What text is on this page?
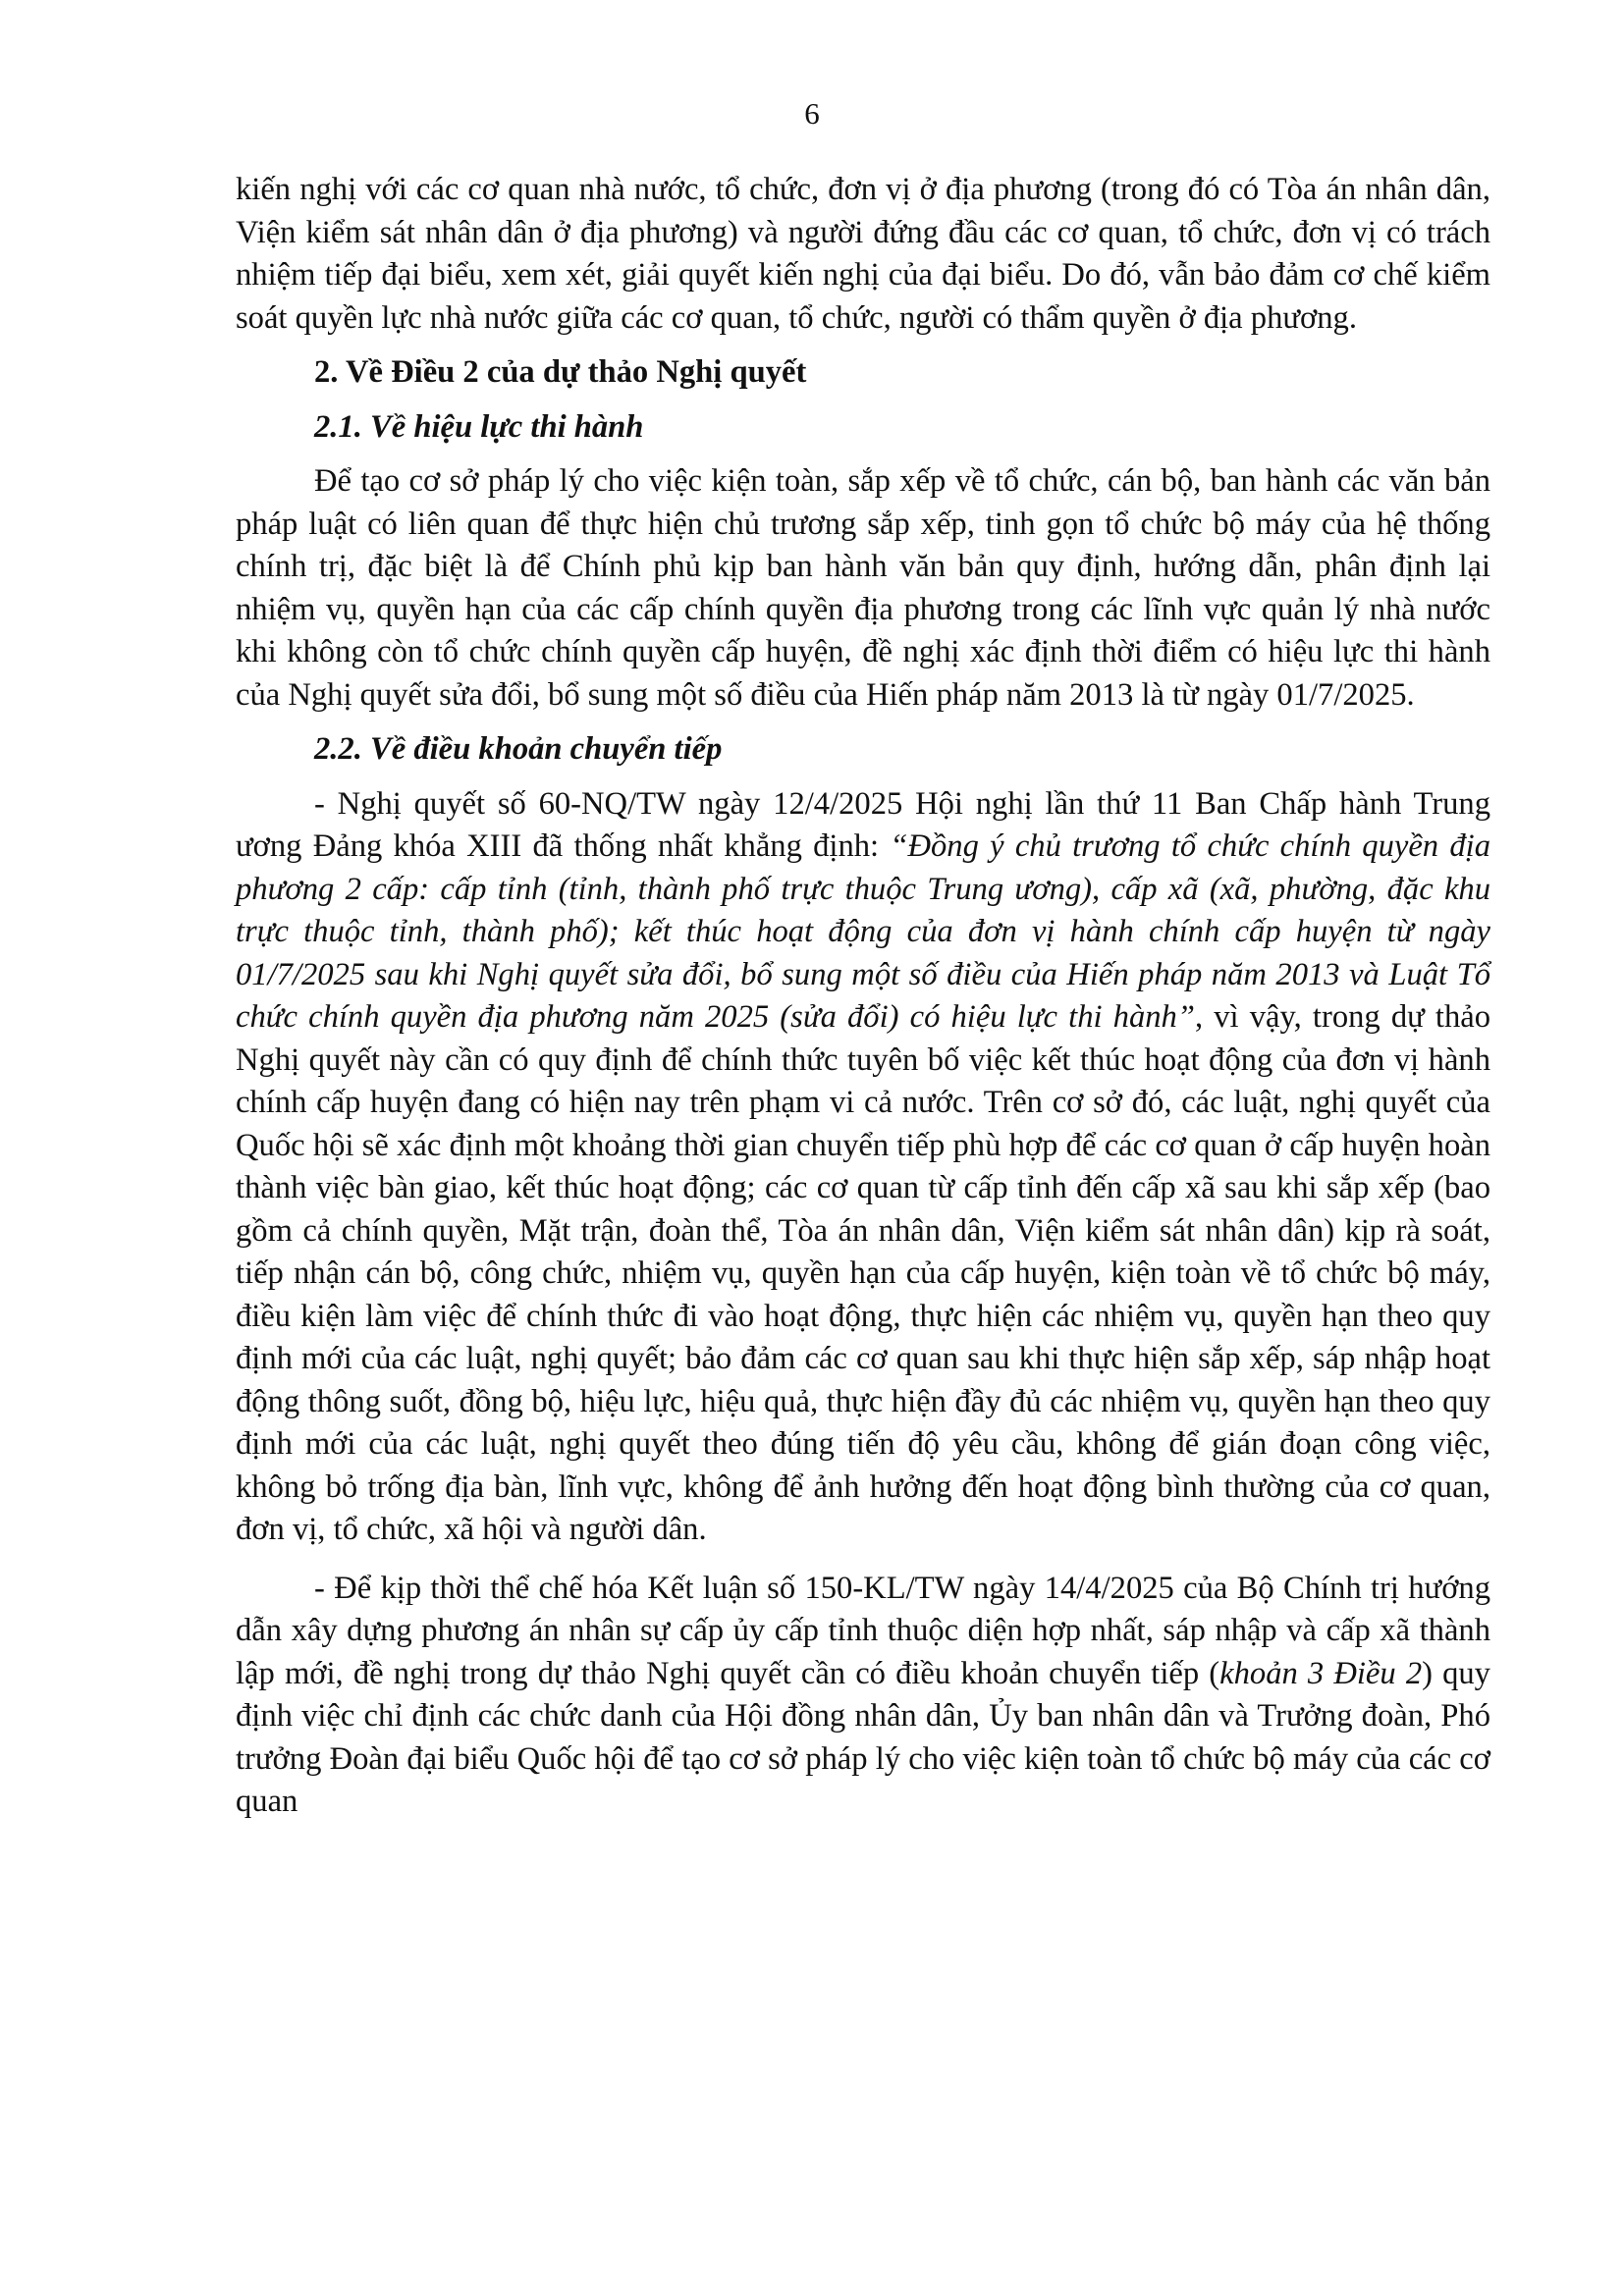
6

kiến nghị với các cơ quan nhà nước, tổ chức, đơn vị ở địa phương (trong đó có Tòa án nhân dân, Viện kiểm sát nhân dân ở địa phương) và người đứng đầu các cơ quan, tổ chức, đơn vị có trách nhiệm tiếp đại biểu, xem xét, giải quyết kiến nghị của đại biểu. Do đó, vẫn bảo đảm cơ chế kiểm soát quyền lực nhà nước giữa các cơ quan, tổ chức, người có thẩm quyền ở địa phương.

2. Về Điều 2 của dự thảo Nghị quyết

2.1. Về hiệu lực thi hành

Để tạo cơ sở pháp lý cho việc kiện toàn, sắp xếp về tổ chức, cán bộ, ban hành các văn bản pháp luật có liên quan để thực hiện chủ trương sắp xếp, tinh gọn tổ chức bộ máy của hệ thống chính trị, đặc biệt là để Chính phủ kịp ban hành văn bản quy định, hướng dẫn, phân định lại nhiệm vụ, quyền hạn của các cấp chính quyền địa phương trong các lĩnh vực quản lý nhà nước khi không còn tổ chức chính quyền cấp huyện, đề nghị xác định thời điểm có hiệu lực thi hành của Nghị quyết sửa đổi, bổ sung một số điều của Hiến pháp năm 2013 là từ ngày 01/7/2025.

2.2. Về điều khoản chuyển tiếp

- Nghị quyết số 60-NQ/TW ngày 12/4/2025 Hội nghị lần thứ 11 Ban Chấp hành Trung ương Đảng khóa XIII đã thống nhất khẳng định: “Đồng ý chủ trương tổ chức chính quyền địa phương 2 cấp: cấp tỉnh (tỉnh, thành phố trực thuộc Trung ương), cấp xã (xã, phường, đặc khu trực thuộc tỉnh, thành phố); kết thúc hoạt động của đơn vị hành chính cấp huyện từ ngày 01/7/2025 sau khi Nghị quyết sửa đổi, bổ sung một số điều của Hiến pháp năm 2013 và Luật Tổ chức chính quyền địa phương năm 2025 (sửa đổi) có hiệu lực thi hành”, vì vậy, trong dự thảo Nghị quyết này cần có quy định để chính thức tuyên bố việc kết thúc hoạt động của đơn vị hành chính cấp huyện đang có hiện nay trên phạm vi cả nước. Trên cơ sở đó, các luật, nghị quyết của Quốc hội sẽ xác định một khoảng thời gian chuyển tiếp phù hợp để các cơ quan ở cấp huyện hoàn thành việc bàn giao, kết thúc hoạt động; các cơ quan từ cấp tỉnh đến cấp xã sau khi sắp xếp (bao gồm cả chính quyền, Mặt trận, đoàn thể, Tòa án nhân dân, Viện kiểm sát nhân dân) kịp rà soát, tiếp nhận cán bộ, công chức, nhiệm vụ, quyền hạn của cấp huyện, kiện toàn về tổ chức bộ máy, điều kiện làm việc để chính thức đi vào hoạt động, thực hiện các nhiệm vụ, quyền hạn theo quy định mới của các luật, nghị quyết; bảo đảm các cơ quan sau khi thực hiện sắp xếp, sáp nhập hoạt động thông suốt, đồng bộ, hiệu lực, hiệu quả, thực hiện đầy đủ các nhiệm vụ, quyền hạn theo quy định mới của các luật, nghị quyết theo đúng tiến độ yêu cầu, không để gián đoạn công việc, không bỏ trống địa bàn, lĩnh vực, không để ảnh hưởng đến hoạt động bình thường của cơ quan, đơn vị, tổ chức, xã hội và người dân.

- Để kịp thời thể chế hóa Kết luận số 150-KL/TW ngày 14/4/2025 của Bộ Chính trị hướng dẫn xây dựng phương án nhân sự cấp ủy cấp tỉnh thuộc diện hợp nhất, sáp nhập và cấp xã thành lập mới, đề nghị trong dự thảo Nghị quyết cần có điều khoản chuyển tiếp (khoản 3 Điều 2) quy định việc chỉ định các chức danh của Hội đồng nhân dân, Ủy ban nhân dân và Trưởng đoàn, Phó trưởng Đoàn đại biểu Quốc hội để tạo cơ sở pháp lý cho việc kiện toàn tổ chức bộ máy của các cơ quan
